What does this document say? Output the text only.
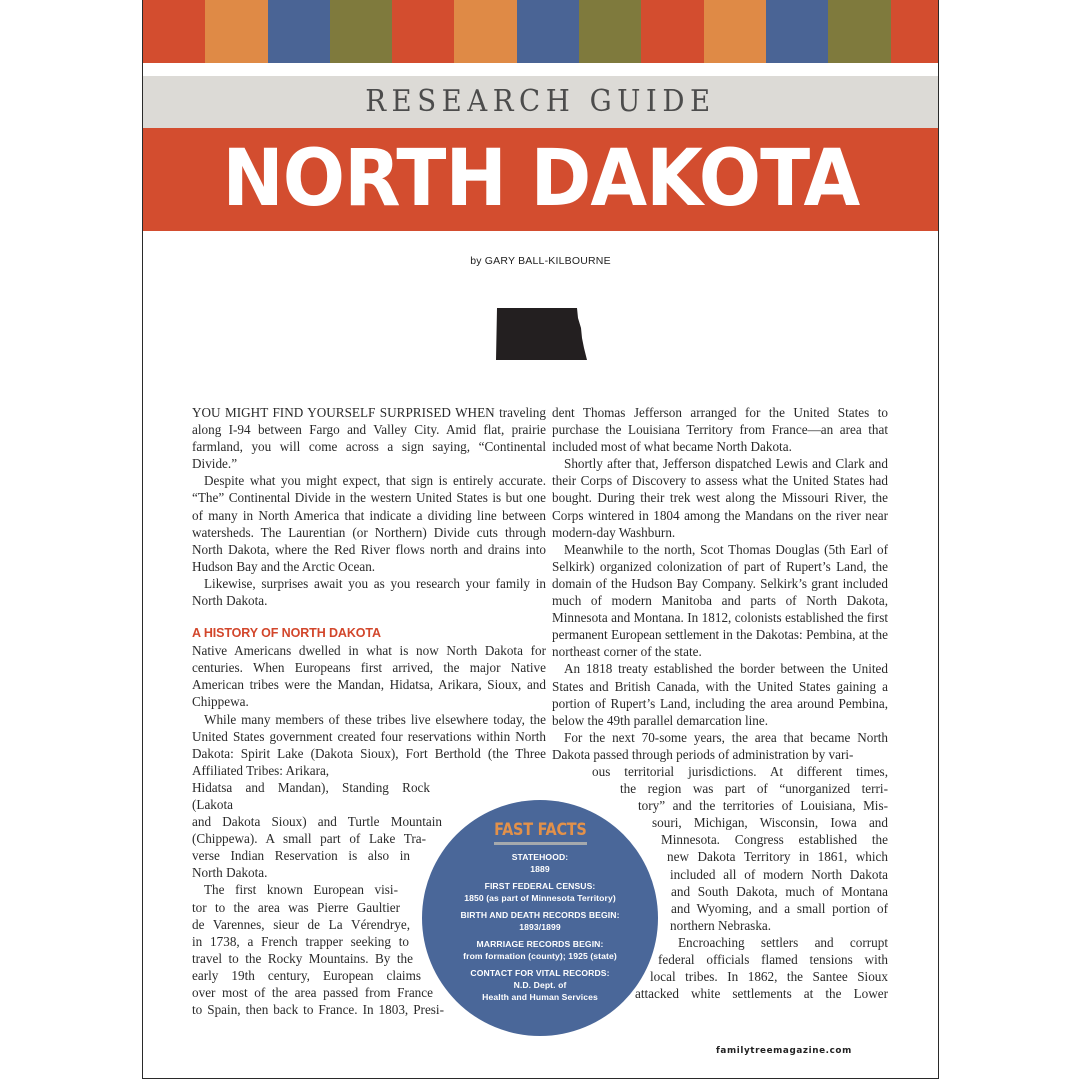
RESEARCH GUIDE
NORTH DAKOTA
by GARY BALL-KILBOURNE

YOU MIGHT FIND YOURSELF SURPRISED WHEN traveling along I-94 between Fargo and Valley City. Amid flat, prairie farmland, you will come across a sign saying, “Continental Divide.”

Despite what you might expect, that sign is entirely accurate. “The” Continental Divide in the western United States is but one of many in North America that indicate a dividing line between watersheds. The Laurentian (or Northern) Divide cuts through North Dakota, where the Red River flows north and drains into Hudson Bay and the Arctic Ocean.

Likewise, surprises await you as you research your family in North Dakota.

A HISTORY OF NORTH DAKOTA

Native Americans dwelled in what is now North Dakota for centuries. When Europeans first arrived, the major Native American tribes were the Mandan, Hidatsa, Arikara, Sioux, and Chippewa.

While many members of these tribes live elsewhere today, the United States government created four reservations within North Dakota: Spirit Lake (Dakota Sioux), Fort Berthold (the Three Affiliated Tribes: Arikara,

Hidatsa and Mandan), Standing Rock (Lakota
and Dakota Sioux) and Turtle Mountain
(Chippewa). A small part of Lake Tra-
verse Indian Reservation is also in
North Dakota.
The first known European visi-
tor to the area was Pierre Gaultier
de Varennes, sieur de La Vérendrye,
in 1738, a French trapper seeking to
travel to the Rocky Mountains. By the
early 19th century, European claims
over most of the area passed from France
to Spain, then back to France. In 1803, Presi-

dent Thomas Jefferson arranged for the United States to purchase the Louisiana Territory from France—an area that included most of what became North Dakota.

Shortly after that, Jefferson dispatched Lewis and Clark and their Corps of Discovery to assess what the United States had bought. During their trek west along the Missouri River, the Corps wintered in 1804 among the Mandans on the river near modern-day Washburn.

Meanwhile to the north, Scot Thomas Douglas (5th Earl of Selkirk) organized colonization of part of Rupert’s Land, the domain of the Hudson Bay Company. Selkirk’s grant included much of modern Manitoba and parts of North Dakota, Minnesota and Montana. In 1812, colonists established the first permanent European settlement in the Dakotas: Pembina, at the northeast corner of the state.

An 1818 treaty established the border between the United States and British Canada, with the United States gaining a portion of Rupert’s Land, including the area around Pembina, below the 49th parallel demarcation line.

For the next 70-some years, the area that became North Dakota passed through periods of administration by vari-

ous territorial jurisdictions. At different times,
the region was part of “unorganized terri-
tory” and the territories of Louisiana, Mis-
souri, Michigan, Wisconsin, Iowa and
Minnesota. Congress established the
new Dakota Territory in 1861, which
included all of modern North Dakota
and South Dakota, much of Montana
and Wyoming, and a small portion of
northern Nebraska.
Encroaching settlers and corrupt
federal officials flamed tensions with
local tribes. In 1862, the Santee Sioux
attacked white settlements at the Lower
FAST FACTS
STATEHOOD:
1889
FIRST FEDERAL CENSUS:
1850 (as part of Minnesota Territory)
BIRTH AND DEATH RECORDS BEGIN:
1893/1899
MARRIAGE RECORDS BEGIN:
from formation (county); 1925 (state)
CONTACT FOR VITAL RECORDS:
N.D. Dept. of
Health and Human Services
familytreemagazine.com
